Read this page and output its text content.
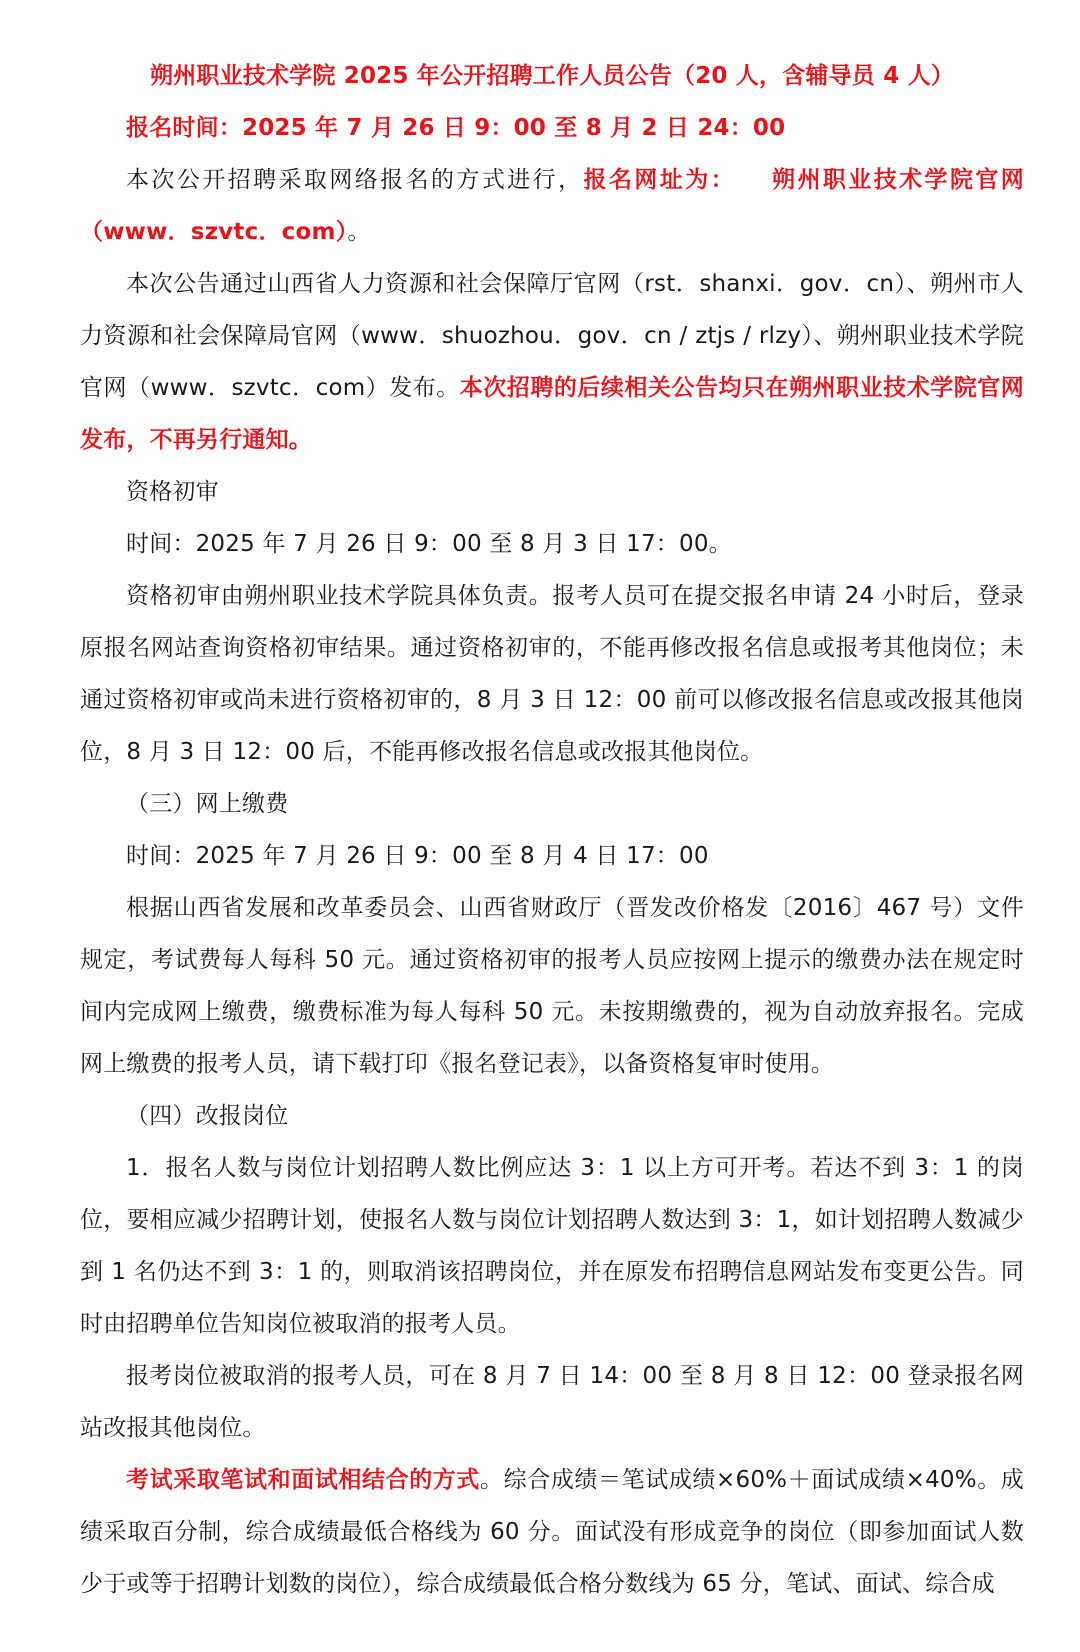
朔州职业技术学院 2025 年公开招聘工作人员公告（20 人，含辅导员 4 人）

报名时间：2025 年 7 月 26 日 9：00 至 8 月 2 日 24：00

本次公开招聘采取网络报名的方式进行，报名网址为： 朔州职业技术学院官网（www．szvtc．com）。

本次公告通过山西省人力资源和社会保障厅官网（rst．shanxi．gov．cn）、朔州市人力资源和社会保障局官网（www．shuozhou．gov．cn / ztjs / rlzy）、朔州职业技术学院官网（www．szvtc．com）发布。本次招聘的后续相关公告均只在朔州职业技术学院官网发布，不再另行通知。

资格初审

时间：2025 年 7 月 26 日 9：00 至 8 月 3 日 17：00。

资格初审由朔州职业技术学院具体负责。报考人员可在提交报名申请 24 小时后，登录原报名网站查询资格初审结果。通过资格初审的，不能再修改报名信息或报考其他岗位；未通过资格初审或尚未进行资格初审的，8 月 3 日 12：00 前可以修改报名信息或改报其他岗位，8 月 3 日 12：00 后，不能再修改报名信息或改报其他岗位。

（三）网上缴费

时间：2025 年 7 月 26 日 9：00 至 8 月 4 日 17：00

根据山西省发展和改革委员会、山西省财政厅（晋发改价格发〔2016〕467 号）文件规定，考试费每人每科 50 元。通过资格初审的报考人员应按网上提示的缴费办法在规定时间内完成网上缴费，缴费标准为每人每科 50 元。未按期缴费的，视为自动放弃报名。完成网上缴费的报考人员，请下载打印《报名登记表》，以备资格复审时使用。

（四）改报岗位

1．报名人数与岗位计划招聘人数比例应达 3：1 以上方可开考。若达不到 3：1 的岗位，要相应减少招聘计划，使报名人数与岗位计划招聘人数达到 3：1，如计划招聘人数减少到 1 名仍达不到 3：1 的，则取消该招聘岗位，并在原发布招聘信息网站发布变更公告。同时由招聘单位告知岗位被取消的报考人员。

报考岗位被取消的报考人员，可在 8 月 7 日 14：00 至 8 月 8 日 12：00 登录报名网站改报其他岗位。

考试采取笔试和面试相结合的方式。综合成绩＝笔试成绩×60%＋面试成绩×40%。成绩采取百分制，综合成绩最低合格线为 60 分。面试没有形成竞争的岗位（即参加面试人数少于或等于招聘计划数的岗位），综合成绩最低合格分数线为 65 分，笔试、面试、综合成
